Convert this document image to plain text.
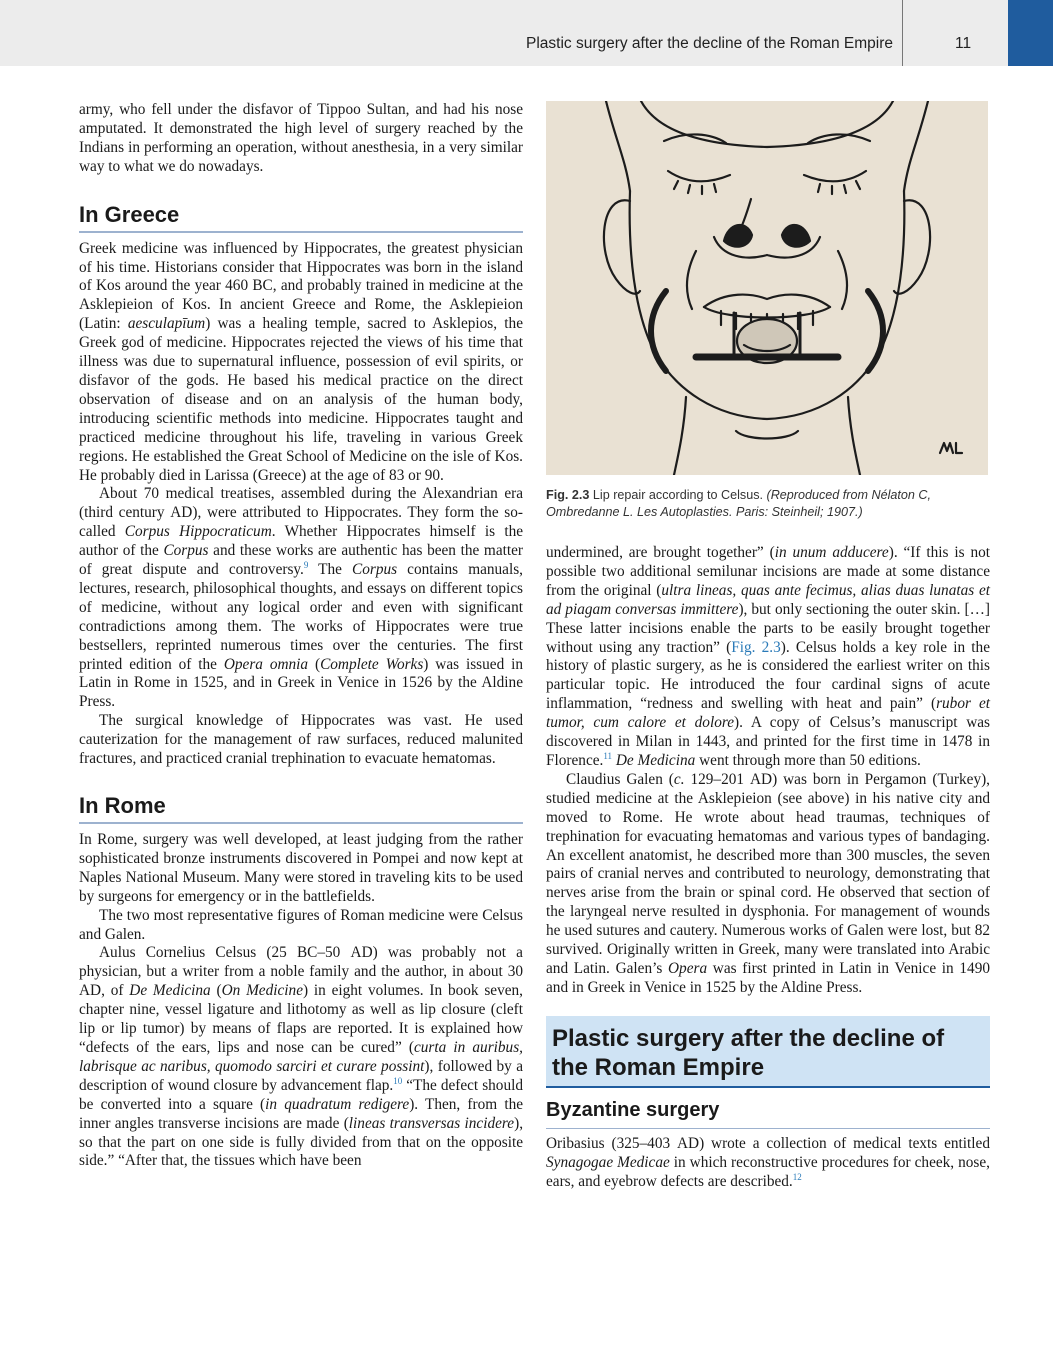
Plastic surgery after the decline of the Roman Empire	11

army, who fell under the disfavor of Tippoo Sultan, and had his nose amputated. It demonstrated the high level of surgery reached by the Indians in performing an operation, without anesthesia, in a very similar way to what we do nowadays.

In Greece

Greek medicine was influenced by Hippocrates, the greatest physician of his time. Historians consider that Hippocrates was born in the island of Kos around the year 460 BC, and probably trained in medicine at the Asklepieion of Kos. In ancient Greece and Rome, the Asklepieion (Latin: aesculapīum) was a healing temple, sacred to Asklepios, the Greek god of medicine. Hippocrates rejected the views of his time that illness was due to supernatural influence, possession of evil spirits, or disfavor of the gods. He based his medical practice on the direct observation of disease and on an analysis of the human body, introducing scientific methods into medicine. Hippocrates taught and practiced medicine throughout his life, traveling in various Greek regions. He established the Great School of Medicine on the isle of Kos. He probably died in Larissa (Greece) at the age of 83 or 90.

About 70 medical treatises, assembled during the Alexandrian era (third century AD), were attributed to Hippocrates. They form the so-called Corpus Hippocraticum. Whether Hippocrates himself is the author of the Corpus and these works are authentic has been the matter of great dispute and controversy.$^9$ The Corpus contains manuals, lectures, research, philosophical thoughts, and essays on different topics of medicine, without any logical order and even with significant contradictions among them. The works of Hippocrates were true bestsellers, reprinted numerous times over the centuries. The first printed edition of the Opera omnia (Complete Works) was issued in Latin in Rome in 1525, and in Greek in Venice in 1526 by the Aldine Press.

The surgical knowledge of Hippocrates was vast. He used cauterization for the management of raw surfaces, reduced malunited fractures, and practiced cranial trephination to evacuate hematomas.

In Rome

In Rome, surgery was well developed, at least judging from the rather sophisticated bronze instruments discovered in Pompei and now kept at Naples National Museum. Many were stored in traveling kits to be used by surgeons for emergency or in the battlefields.

The two most representative figures of Roman medicine were Celsus and Galen.

Aulus Cornelius Celsus (25 BC–50 AD) was probably not a physician, but a writer from a noble family and the author, in about 30 AD, of De Medicina (On Medicine) in eight volumes. In book seven, chapter nine, vessel ligature and lithotomy as well as lip closure (cleft lip or lip tumor) by means of flaps are reported. It is explained how “defects of the ears, lips and nose can be cured” (curta in auribus, labrisque ac naribus, quomodo sarciri et curare possint), followed by a description of wound closure by advancement flap.$^{10}$ “The defect should be converted into a square (in quadratum redigere). Then, from the inner angles transverse incisions are made (lineas transversas incidere), so that the part on one side is fully divided from that on the opposite side.” “After that, the tissues which have been

Fig. 2.3 Lip repair according to Celsus. (Reproduced from Nélaton C, Ombredanne L. Les Autoplasties. Paris: Steinheil; 1907.)

undermined, are brought together” (in unum adducere). “If this is not possible two additional semilunar incisions are made at some distance from the original (ultra lineas, quas ante fecimus, alias duas lunatas et ad piagam conversas immittere), but only sectioning the outer skin. […] These latter incisions enable the parts to be easily brought together without using any traction” (Fig. 2.3). Celsus holds a key role in the history of plastic surgery, as he is considered the earliest writer on this particular topic. He introduced the four cardinal signs of acute inflammation, “redness and swelling with heat and pain” (rubor et tumor, cum calore et dolore). A copy of Celsus’s manuscript was discovered in Milan in 1443, and printed for the first time in 1478 in Florence.$^{11}$ De Medicina went through more than 50 editions.

Claudius Galen (c. 129–201 AD) was born in Pergamon (Turkey), studied medicine at the Asklepieion (see above) in his native city and moved to Rome. He wrote about head traumas, techniques of trephination for evacuating hematomas and various types of bandaging. An excellent anatomist, he described more than 300 muscles, the seven pairs of cranial nerves and contributed to neurology, demonstrating that nerves arise from the brain or spinal cord. He observed that section of the laryngeal nerve resulted in dysphonia. For management of wounds he used sutures and cautery. Numerous works of Galen were lost, but 82 survived. Originally written in Greek, many were translated into Arabic and Latin. Galen’s Opera was first printed in Latin in Venice in 1490 and in Greek in Venice in 1525 by the Aldine Press.

Plastic surgery after the decline of the Roman Empire
Byzantine surgery

Oribasius (325–403 AD) wrote a collection of medical texts entitled Synagogae Medicae in which reconstructive procedures for cheek, nose, ears, and eyebrow defects are described.$^{12}$
